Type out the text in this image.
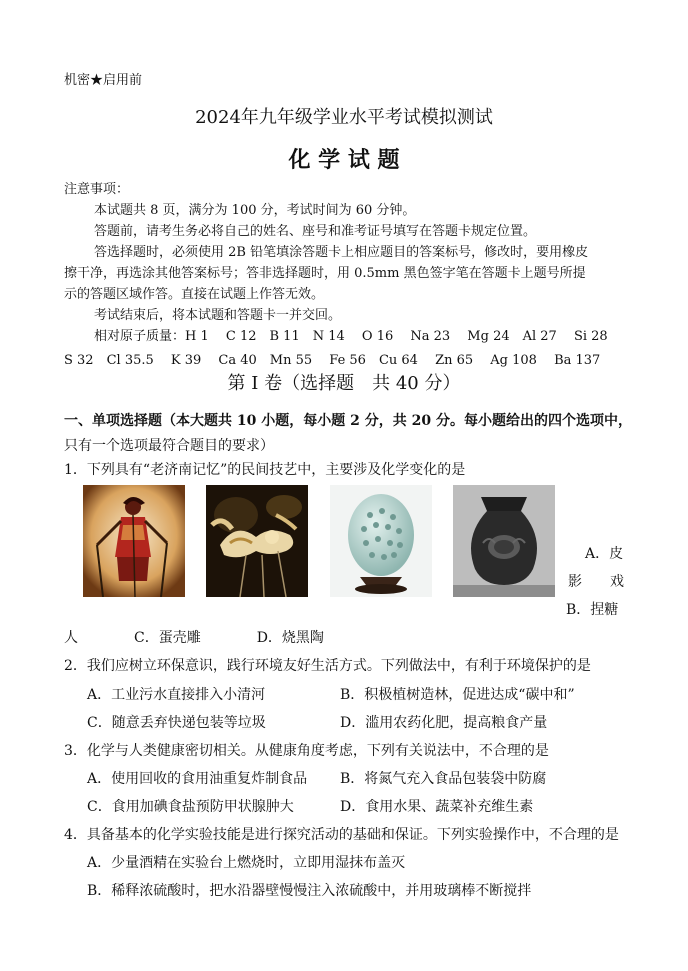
机密★启用前
2024年九年级学业水平考试模拟测试
化 学 试 题
注意事项：
本试题共 8 页，满分为 100 分，考试时间为 60 分钟。
答题前，请考生务必将自己的姓名、座号和准考证号填写在答题卡规定位置。
答选择题时，必须使用 2B 铅笔填涂答题卡上相应题目的答案标号，修改时，要用橡皮
擦干净，再选涂其他答案标号；答非选择题时，用 0.5mm 黑色签字笔在答题卡上题号所提
示的答题区域作答。直接在试题上作答无效。
考试结束后，将本试题和答题卡一并交回。
相对原子质量：H 1　 C 12　B 11　N 14　 O 16　 Na 23　 Mg 24　Al 27　 Si 28
S 32　Cl 35.5　 K 39　 Ca 40　Mn 55　 Fe 56　Cu 64　 Zn 65　 Ag 108　 Ba 137
第 I 卷（选择题　共 40 分）
一、单项选择题（本大题共 10 小题，每小题 2 分，共 20 分。每小题给出的四个选项中，
只有一个选项最符合题目的要求）
1．下列具有“老济南记忆”的民间技艺中，主要涉及化学变化的是
A．皮
影　　戏
B．捏糖
人　　　　C．蛋壳雕　　　　D．烧黑陶
2．我们应树立环保意识，践行环境友好生活方式。下列做法中，有利于环境保护的是
A．工业污水直接排入小清河	B．积极植树造林，促进达成“碳中和”
C．随意丢弃快递包装等垃圾	D．滥用农药化肥，提高粮食产量
3．化学与人类健康密切相关。从健康角度考虑，下列有关说法中，不合理的是
A．使用回收的食用油重复炸制食品 B．将氮气充入食品包装袋中防腐
C．食用加碘食盐预防甲状腺肿大	D．食用水果、蔬菜补充维生素
4．具备基本的化学实验技能是进行探究活动的基础和保证。下列实验操作中，不合理的是
A．少量酒精在实验台上燃烧时，立即用湿抹布盖灭
B．稀释浓硫酸时，把水沿器壁慢慢注入浓硫酸中，并用玻璃棒不断搅拌
